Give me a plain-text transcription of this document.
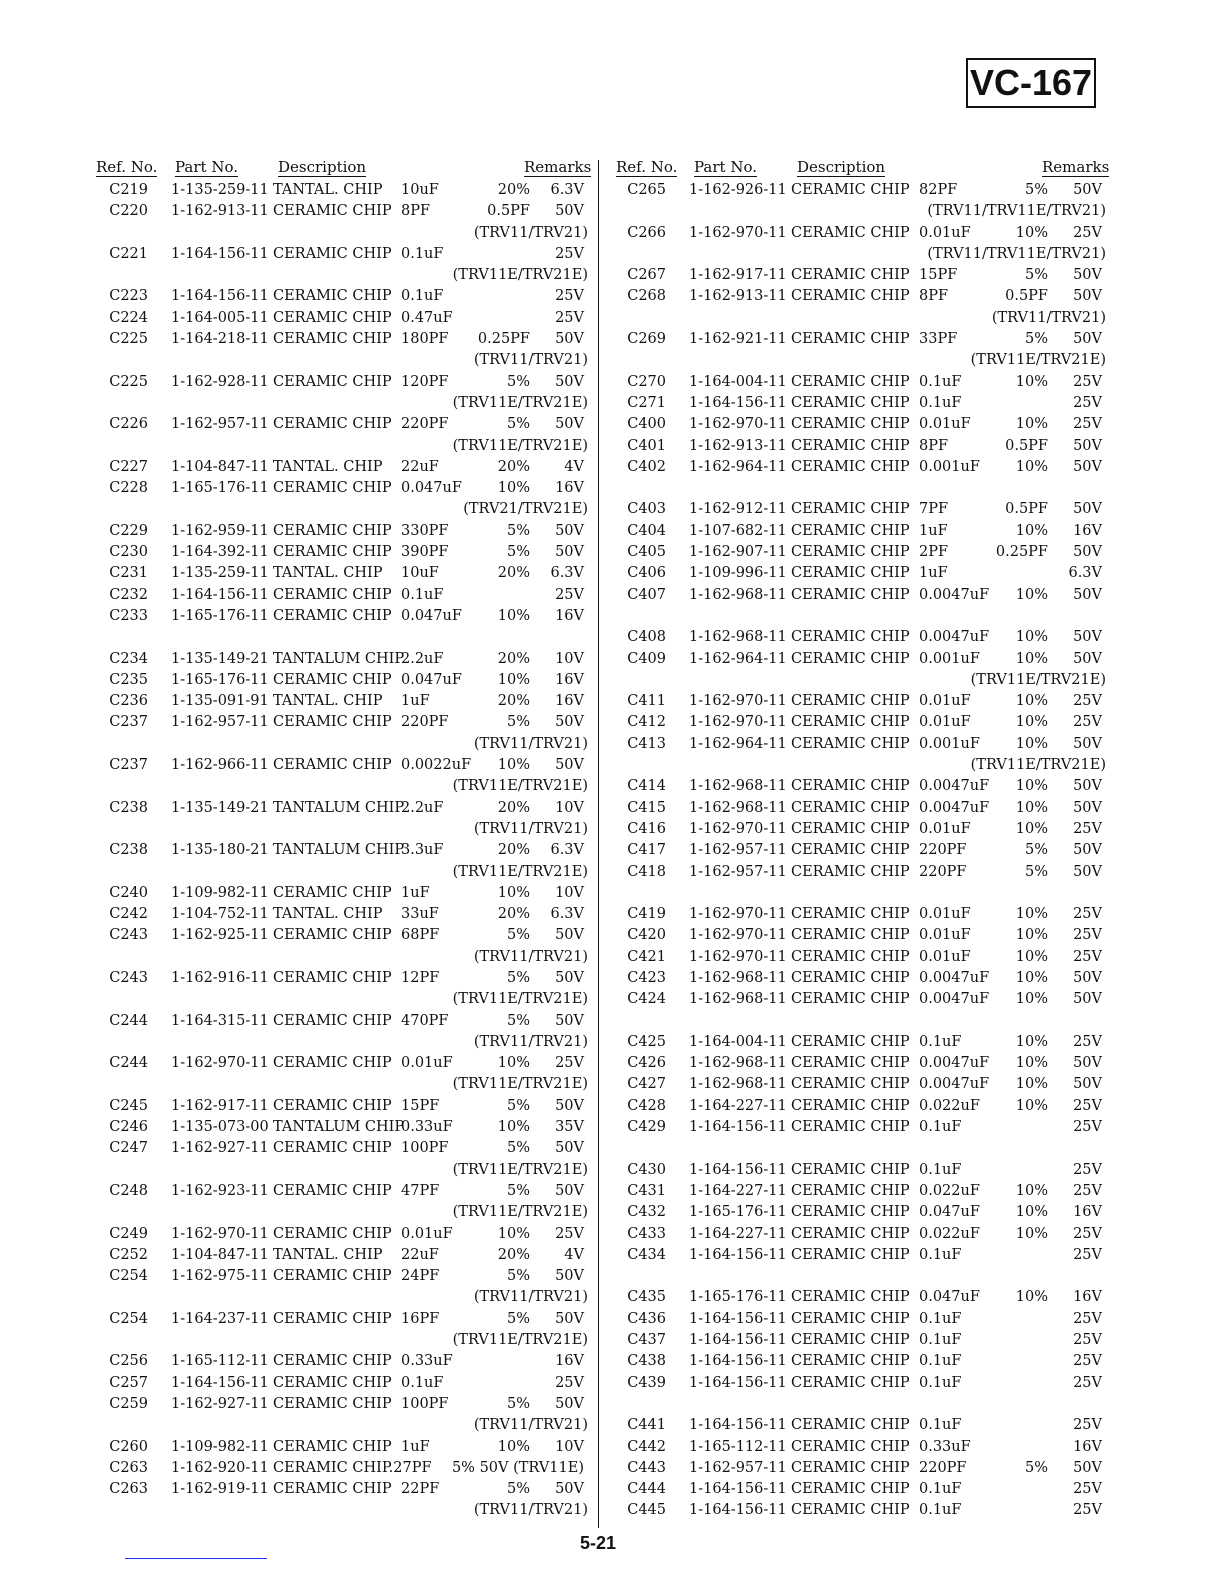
VC-167
Ref. No. Part No.	Description	Remarks
C219 1-135-259-11 TANTAL. CHIP 10uF	20% 6.3V
C220 1-162-913-11 CERAMIC CHIP 8PF	0.5PF 50V
(TRV11/TRV21)
C221 1-164-156-11 CERAMIC CHIP 0.1uF	25V
(TRV11E/TRV21E)
C223 1-164-156-11 CERAMIC CHIP 0.1uF	25V
C224 1-164-005-11 CERAMIC CHIP 0.47uF	25V
C225 1-164-218-11 CERAMIC CHIP 180PF 0.25PF 50V
(TRV11/TRV21)
C225 1-162-928-11 CERAMIC CHIP 120PF	5% 50V
(TRV11E/TRV21E)
C226 1-162-957-11 CERAMIC CHIP 220PF	5% 50V
(TRV11E/TRV21E)
C227 1-104-847-11 TANTAL. CHIP 22uF	20% 4V
C228 1-165-176-11 CERAMIC CHIP 0.047uF 10% 16V
(TRV21/TRV21E)
C229 1-162-959-11 CERAMIC CHIP 330PF	5% 50V
C230 1-164-392-11 CERAMIC CHIP 390PF	5% 50V
C231 1-135-259-11 TANTAL. CHIP 10uF	20% 6.3V
C232 1-164-156-11 CERAMIC CHIP 0.1uF	25V
C233 1-165-176-11 CERAMIC CHIP 0.047uF 10% 16V
C234 1-135-149-21 TANTALUM CHIP
2.2uF	20% 10V
C235 1-165-176-11 CERAMIC CHIP 0.047uF 10% 16V
C236 1-135-091-91 TANTAL. CHIP 1uF	20% 16V
C237 1-162-957-11 CERAMIC CHIP 220PF	5% 50V
(TRV11/TRV21)
C237 1-162-966-11 CERAMIC CHIP 0.0022uF 10% 50V
(TRV11E/TRV21E)
C238 1-135-149-21 TANTALUM CHIP
2.2uF	20% 10V
(TRV11/TRV21)
C238 1-135-180-21 TANTALUM CHIP
3.3uF	20% 6.3V
(TRV11E/TRV21E)
C240 1-109-982-11 CERAMIC CHIP 1uF	10% 10V
C242 1-104-752-11 TANTAL. CHIP 33uF	20% 6.3V
C243 1-162-925-11 CERAMIC CHIP 68PF	5% 50V
(TRV11/TRV21)
C243 1-162-916-11 CERAMIC CHIP 12PF	5% 50V
(TRV11E/TRV21E)
C244 1-164-315-11 CERAMIC CHIP 470PF	5% 50V
(TRV11/TRV21)
C244 1-162-970-11 CERAMIC CHIP 0.01uF	10% 25V
(TRV11E/TRV21E)
C245 1-162-917-11 CERAMIC CHIP 15PF	5% 50V
C246 1-135-073-00 TANTALUM CHIP
0.33uF	10% 35V
C247 1-162-927-11 CERAMIC CHIP 100PF	5% 50V
(TRV11E/TRV21E)
C248 1-162-923-11 CERAMIC CHIP 47PF	5% 50V
(TRV11E/TRV21E)
C249 1-162-970-11 CERAMIC CHIP 0.01uF	10% 25V
C252 1-104-847-11 TANTAL. CHIP 22uF	20% 4V
C254 1-162-975-11 CERAMIC CHIP 24PF	5% 50V
(TRV11/TRV21)
C254 1-164-237-11 CERAMIC CHIP 16PF	5% 50V
(TRV11E/TRV21E)
C256 1-165-112-11 CERAMIC CHIP 0.33uF	16V
C257 1-164-156-11 CERAMIC CHIP 0.1uF	25V
C259 1-162-927-11 CERAMIC CHIP 100PF	5% 50V
(TRV11/TRV21)
C260 1-109-982-11 CERAMIC CHIP 1uF	10% 10V
C263 1-162-920-11 CERAMIC CHIP.27PF 5% 50V (TRV11E)
C263 1-162-919-11 CERAMIC CHIP 22PF	5% 50V
(TRV11/TRV21)
Ref. No. Part No.	Description	Remarks
C265 1-162-926-11 CERAMIC CHIP 82PF	5% 50V
(TRV11/TRV11E/TRV21)
C266 1-162-970-11 CERAMIC CHIP 0.01uF	10% 25V
(TRV11/TRV11E/TRV21)
C267 1-162-917-11 CERAMIC CHIP 15PF	5% 50V
C268 1-162-913-11 CERAMIC CHIP 8PF	0.5PF 50V
(TRV11/TRV21)
C269 1-162-921-11 CERAMIC CHIP 33PF	5% 50V
(TRV11E/TRV21E)
C270 1-164-004-11 CERAMIC CHIP 0.1uF	10% 25V
C271 1-164-156-11 CERAMIC CHIP 0.1uF	25V
C400 1-162-970-11 CERAMIC CHIP 0.01uF	10% 25V
C401 1-162-913-11 CERAMIC CHIP 8PF	0.5PF 50V
C402 1-162-964-11 CERAMIC CHIP 0.001uF 10% 50V
C403 1-162-912-11 CERAMIC CHIP 7PF	0.5PF 50V
C404 1-107-682-11 CERAMIC CHIP 1uF	10% 16V
C405 1-162-907-11 CERAMIC CHIP 2PF	0.25PF 50V
C406 1-109-996-11 CERAMIC CHIP 1uF	6.3V
C407 1-162-968-11 CERAMIC CHIP 0.0047uF 10% 50V
C408 1-162-968-11 CERAMIC CHIP 0.0047uF 10% 50V
C409 1-162-964-11 CERAMIC CHIP 0.001uF 10% 50V
(TRV11E/TRV21E)
C411 1-162-970-11 CERAMIC CHIP 0.01uF	10% 25V
C412 1-162-970-11 CERAMIC CHIP 0.01uF	10% 25V
C413 1-162-964-11 CERAMIC CHIP 0.001uF 10% 50V
(TRV11E/TRV21E)
C414 1-162-968-11 CERAMIC CHIP 0.0047uF 10% 50V
C415 1-162-968-11 CERAMIC CHIP 0.0047uF 10% 50V
C416 1-162-970-11 CERAMIC CHIP 0.01uF	10% 25V
C417 1-162-957-11 CERAMIC CHIP 220PF	5% 50V
C418 1-162-957-11 CERAMIC CHIP 220PF	5% 50V
C419 1-162-970-11 CERAMIC CHIP 0.01uF	10% 25V
C420 1-162-970-11 CERAMIC CHIP 0.01uF	10% 25V
C421 1-162-970-11 CERAMIC CHIP 0.01uF	10% 25V
C423 1-162-968-11 CERAMIC CHIP 0.0047uF 10% 50V
C424 1-162-968-11 CERAMIC CHIP 0.0047uF 10% 50V
C425 1-164-004-11 CERAMIC CHIP 0.1uF	10% 25V
C426 1-162-968-11 CERAMIC CHIP 0.0047uF 10% 50V
C427 1-162-968-11 CERAMIC CHIP 0.0047uF 10% 50V
C428 1-164-227-11 CERAMIC CHIP 0.022uF 10% 25V
C429 1-164-156-11 CERAMIC CHIP 0.1uF	25V
C430 1-164-156-11 CERAMIC CHIP 0.1uF	25V
C431 1-164-227-11 CERAMIC CHIP 0.022uF 10% 25V
C432 1-165-176-11 CERAMIC CHIP 0.047uF 10% 16V
C433 1-164-227-11 CERAMIC CHIP 0.022uF 10% 25V
C434 1-164-156-11 CERAMIC CHIP 0.1uF	25V
C435 1-165-176-11 CERAMIC CHIP 0.047uF 10% 16V
C436 1-164-156-11 CERAMIC CHIP 0.1uF	25V
C437 1-164-156-11 CERAMIC CHIP 0.1uF	25V
C438 1-164-156-11 CERAMIC CHIP 0.1uF	25V
C439 1-164-156-11 CERAMIC CHIP 0.1uF	25V
C441 1-164-156-11 CERAMIC CHIP 0.1uF	25V
C442 1-165-112-11 CERAMIC CHIP 0.33uF	16V
C443 1-162-957-11 CERAMIC CHIP 220PF	5% 50V
C444 1-164-156-11 CERAMIC CHIP 0.1uF	25V
C445 1-164-156-11 CERAMIC CHIP 0.1uF	25V
5-21
